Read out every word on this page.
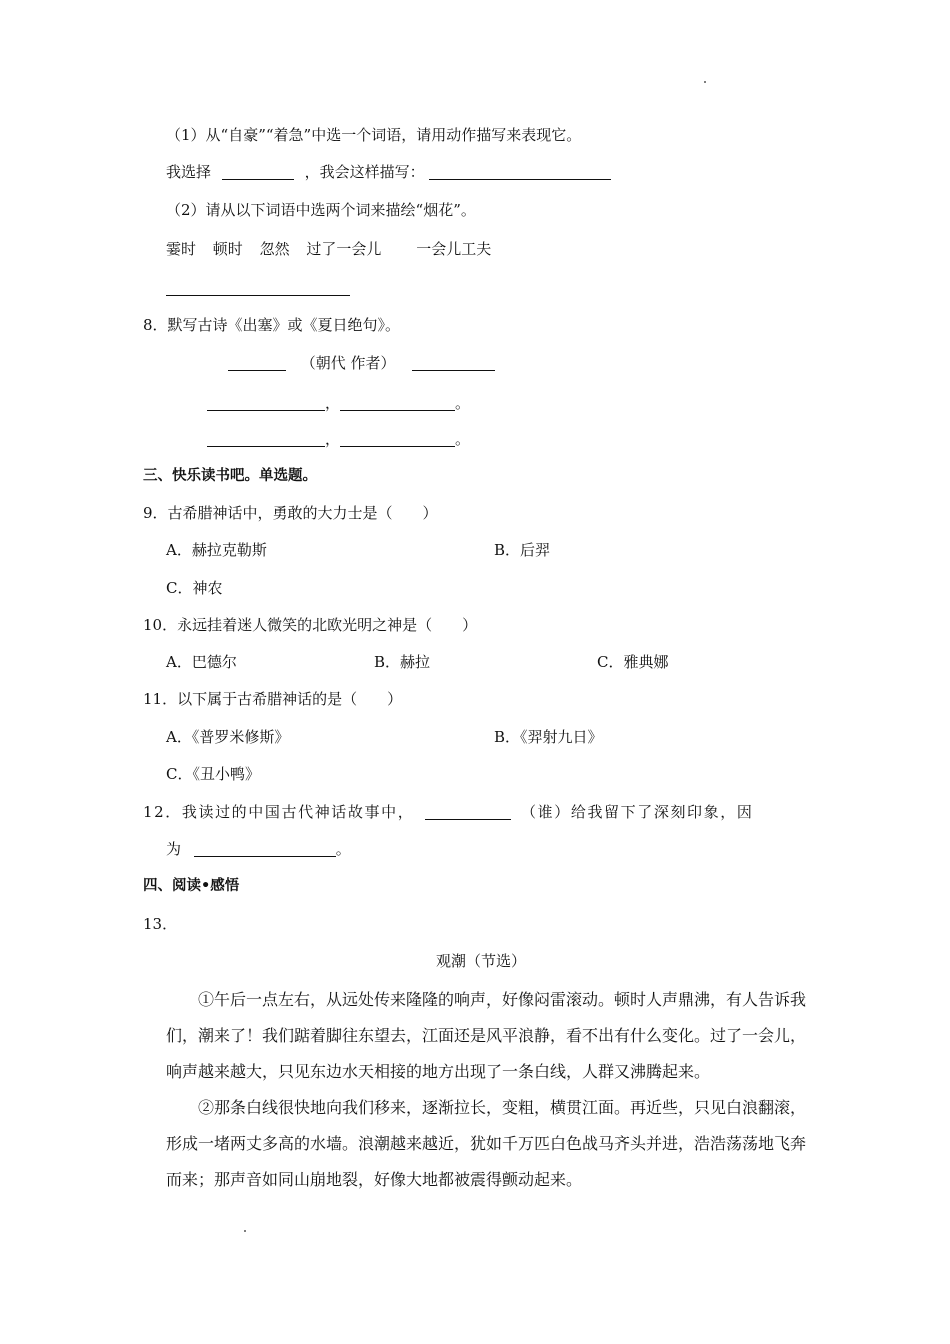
（1）从“自豪”“着急”中选一个词语，请用动作描写来表现它。
我选择	，我会这样描写：
（2）请从以下词语中选两个词来描绘“烟花”。
霎时 顿时 忽然 过了一会儿 一会儿工夫
8．默写古诗《出塞》或《夏日绝句》。
（朝代 作者）
，	。
，	。
三、快乐读书吧。单选题。
9．古希腊神话中，勇敢的大力士是（　　）
A．赫拉克勒斯	B．后羿
C．神农
10．永远挂着迷人微笑的北欧光明之神是（　　）
A．巴德尔	B．赫拉	C．雅典娜
11．以下属于古希腊神话的是（　　）
A．《普罗米修斯》	B．《羿射九日》
C．《丑小鸭》
12．我读过的中国古代神话故事中，	（谁）给我留下了深刻印象，因
为	。
四、阅读•感悟
13．
观潮（节选）
①午后一点左右，从远处传来隆隆的响声，好像闷雷滚动。顿时人声鼎沸，有人告诉我们，潮来了！我们踮着脚往东望去，江面还是风平浪静，看不出有什么变化。过了一会儿，响声越来越大，只见东边水天相接的地方出现了一条白线，人群又沸腾起来。
②那条白线很快地向我们移来，逐渐拉长，变粗，横贯江面。再近些，只见白浪翻滚，形成一堵两丈多高的水墙。浪潮越来越近，犹如千万匹白色战马齐头并进，浩浩荡荡地飞奔而来；那声音如同山崩地裂，好像大地都被震得颤动起来。
